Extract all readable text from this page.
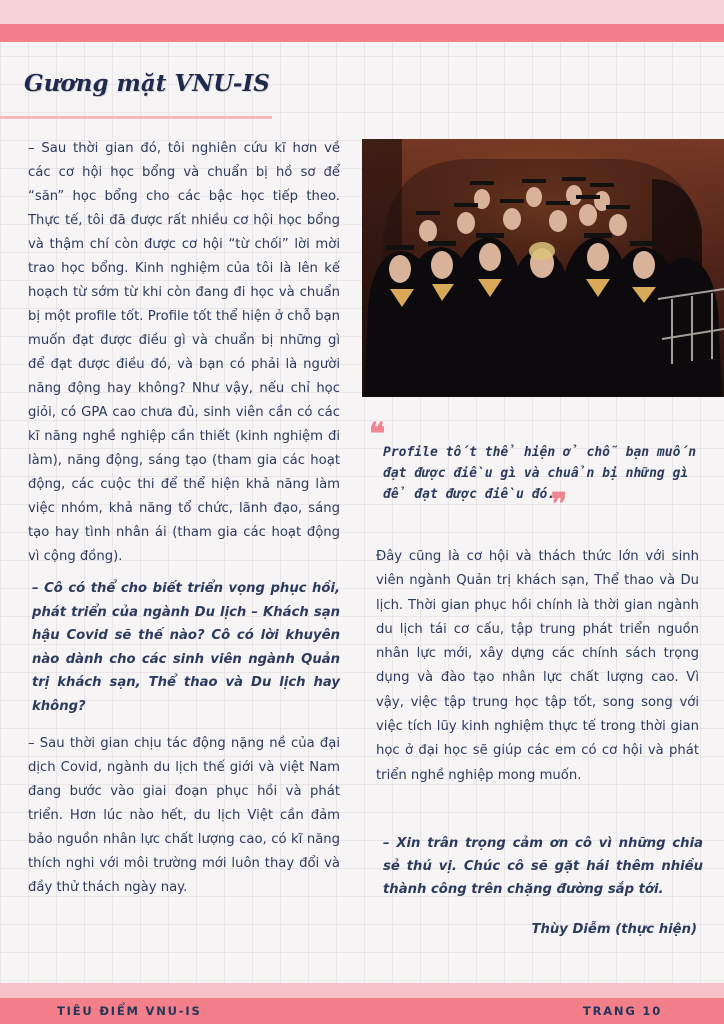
Gương mặt VNU-IS

– Sau thời gian đó, tôi nghiên cứu kĩ hơn về các cơ hội học bổng và chuẩn bị hồ sơ để “săn” học bổng cho các bậc học tiếp theo. Thực tế, tôi đã được rất nhiều cơ hội học bổng và thậm chí còn được cơ hội “từ chối” lời mời trao học bổng. Kinh nghiệm của tôi là lên kế hoạch từ sớm từ khi còn đang đi học và chuẩn bị một profile tốt. Profile tốt thể hiện ở chỗ bạn muốn đạt được điều gì và chuẩn bị những gì để đạt được điều đó, và bạn có phải là người năng động hay không? Như vậy, nếu chỉ học giỏi, có GPA cao chưa đủ, sinh viên cần có các kĩ năng nghề nghiệp cần thiết (kinh nghiệm đi làm), năng động, sáng tạo (tham gia các hoạt động, các cuộc thi để thể hiện khả năng làm việc nhóm, khả năng tổ chức, lãnh đạo, sáng tạo hay tình nhân ái (tham gia các hoạt động vì cộng đồng).

– Cô có thể cho biết triển vọng phục hồi, phát triển của ngành Du lịch – Khách sạn hậu Covid sẽ thế nào? Cô có lời khuyên nào dành cho các sinh viên ngành Quản trị khách sạn, Thể thao và Du lịch hay không?

– Sau thời gian chịu tác động nặng nề của đại dịch Covid, ngành du lịch thế giới và việt Nam đang bước vào giai đoạn phục hồi và phát triển. Hơn lúc nào hết, du lịch Việt cần đảm bảo nguồn nhân lực chất lượng cao, có kĩ năng thích nghi với môi trường mới luôn thay đổi và đầy thử thách ngày nay.

❝
Profile tốt thể hiện ở chỗ bạn muốn đạt được điều gì và chuẩn bị những gì để đạt được điều đó.
❞

Đây cũng là cơ hội và thách thức lớn với sinh viên ngành Quản trị khách sạn, Thể thao và Du lịch. Thời gian phục hồi chính là thời gian ngành du lịch tái cơ cấu, tập trung phát triển nguồn nhân lực mới, xây dựng các chính sách trọng dụng và đào tạo nhân lực chất lượng cao. Vì vậy, việc tập trung học tập tốt, song song với việc tích lũy kinh nghiệm thực tế trong thời gian học ở đại học sẽ giúp các em có cơ hội và phát triển nghề nghiệp mong muốn.

– Xin trân trọng cảm ơn cô vì những chia sẻ thú vị. Chúc cô sẽ gặt hái thêm nhiều thành công trên chặng đường sắp tới.
Thùy Diễm (thực hiện)
TIÊU ĐIỂM VNU-IS	TRANG 10
